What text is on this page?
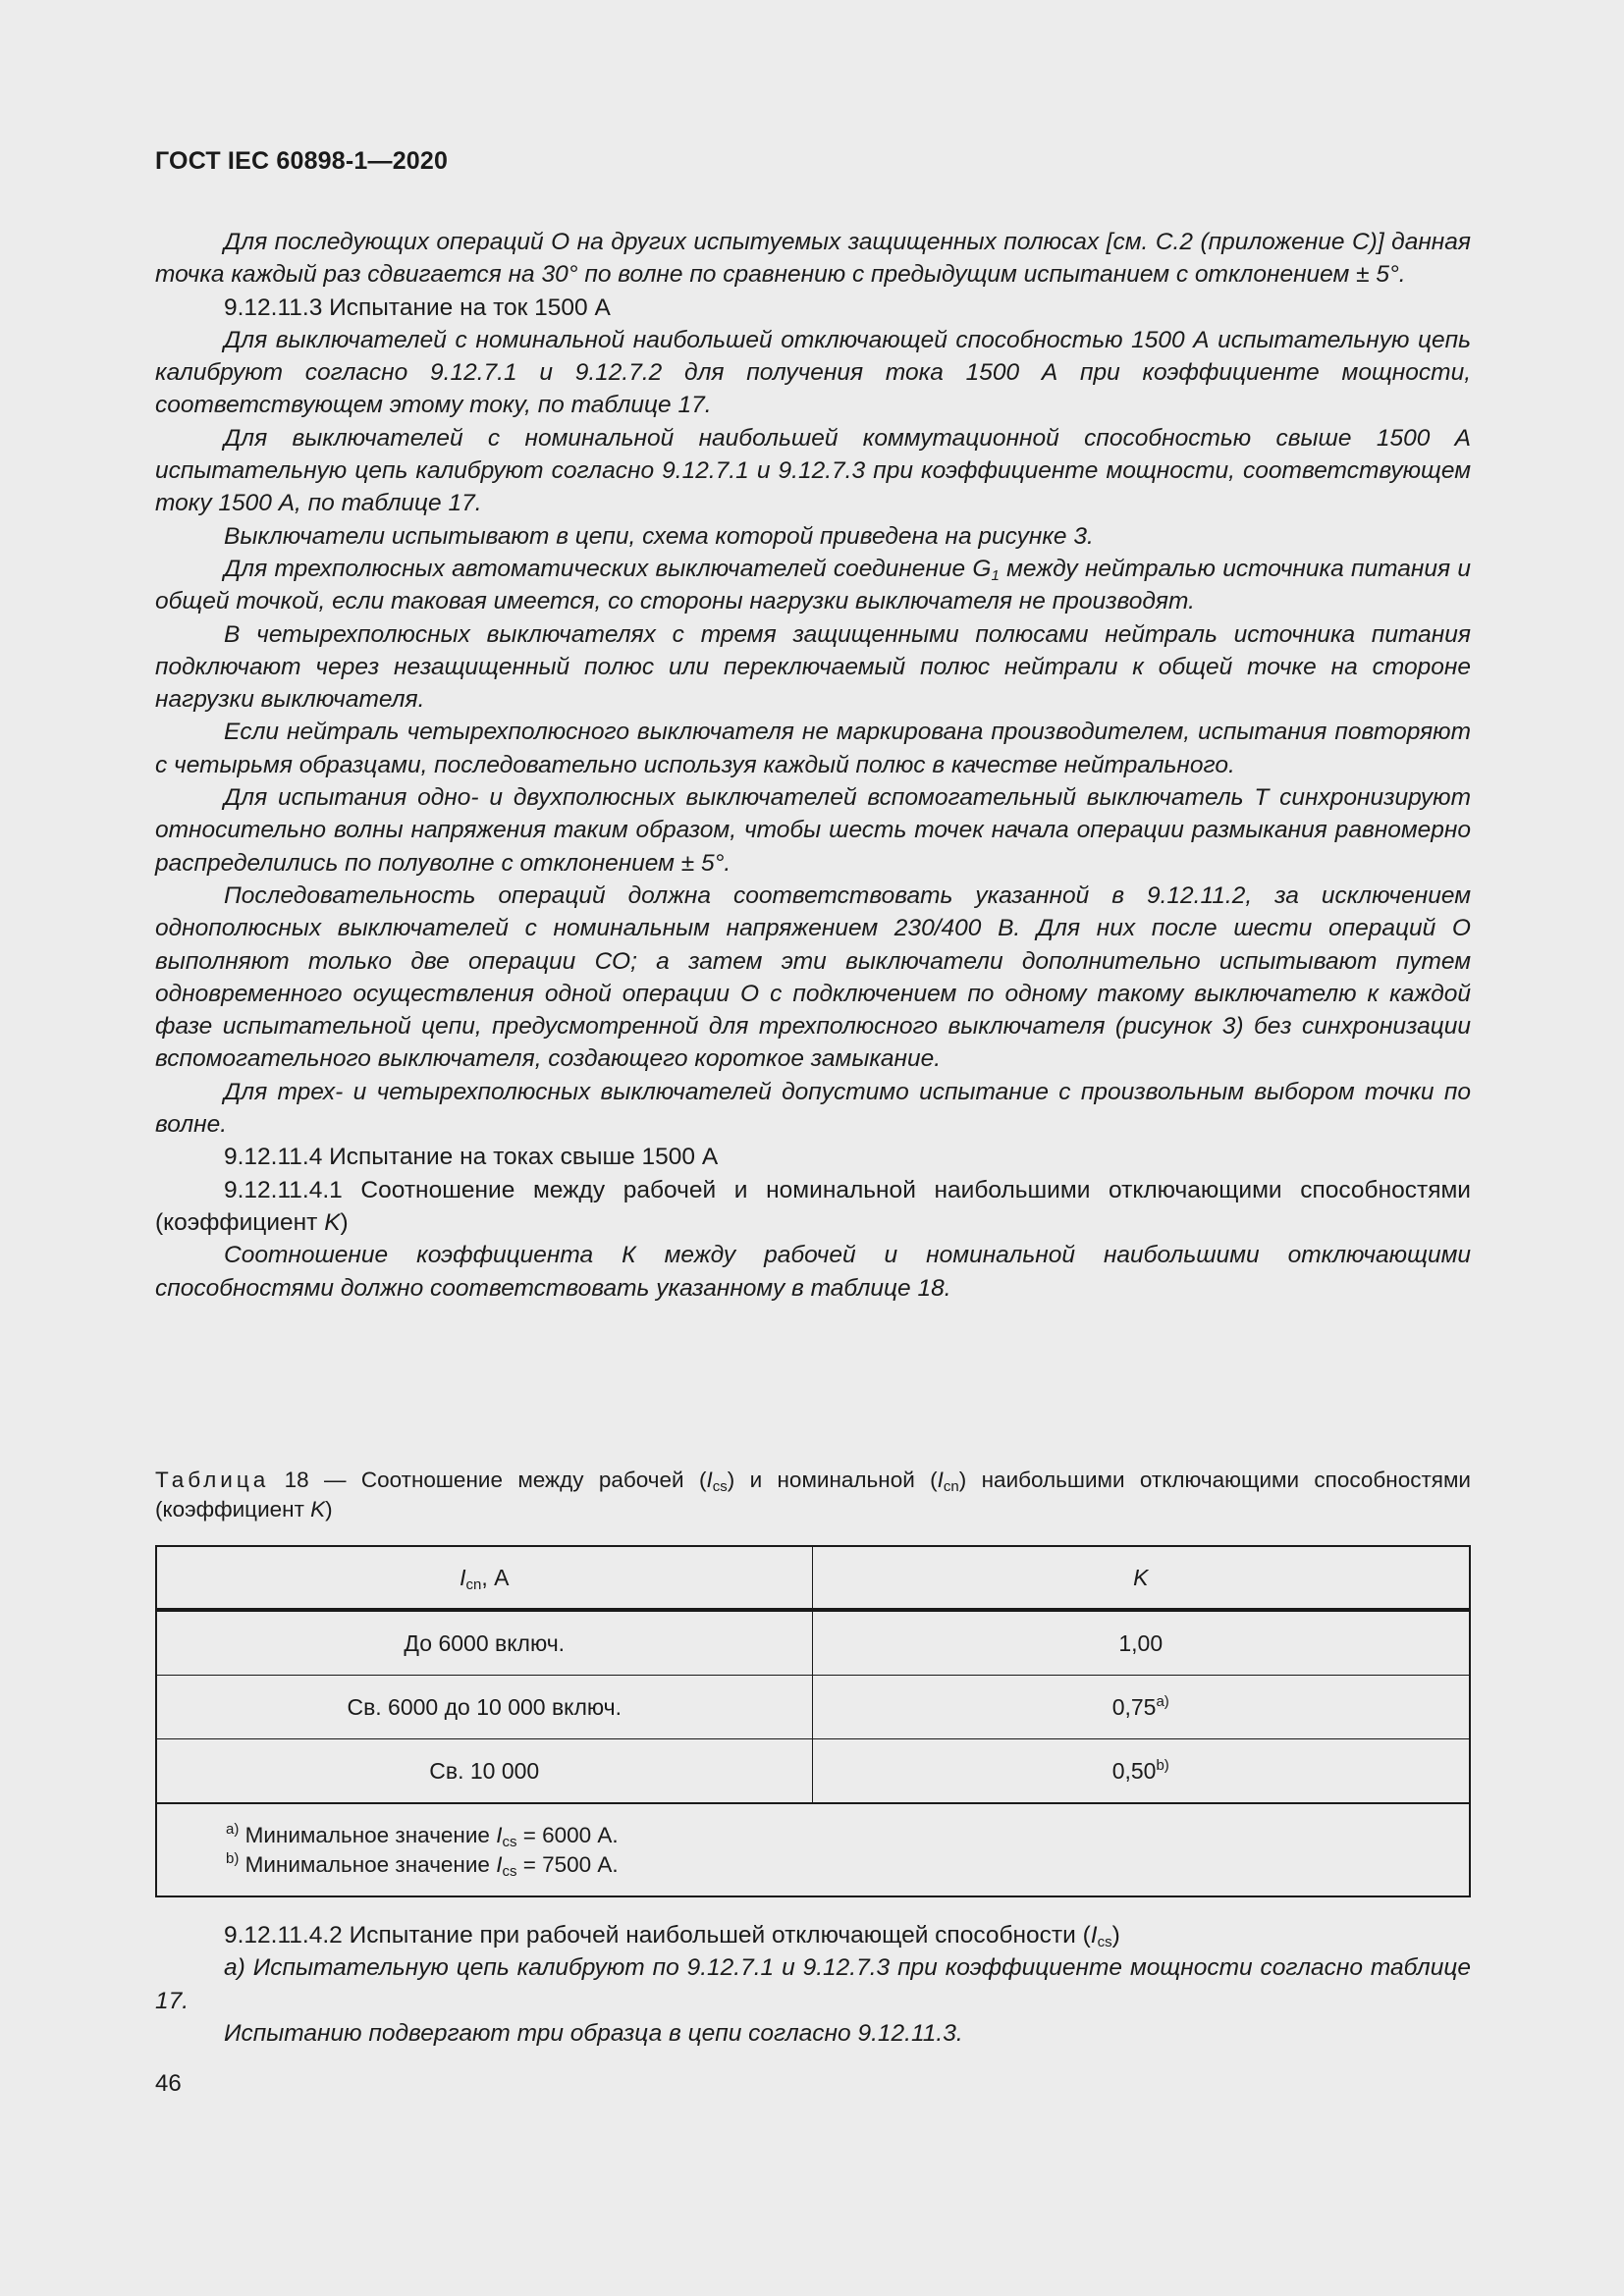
ГОСТ IEC 60898-1—2020

Для последующих операций О на других испытуемых защищенных полюсах [см. С.2 (приложение С)] данная точка каждый раз сдвигается на 30° по волне по сравнению с предыдущим испытанием с отклонением ± 5°.

9.12.11.3 Испытание на ток 1500 А

Для выключателей с номинальной наибольшей отключающей способностью 1500 А испытательную цепь калибруют согласно 9.12.7.1 и 9.12.7.2 для получения тока 1500 А при коэффициенте мощности, соответствующем этому току, по таблице 17.

Для выключателей с номинальной наибольшей коммутационной способностью свыше 1500 А испытательную цепь калибруют согласно 9.12.7.1 и 9.12.7.3 при коэффициенте мощности, соответствующем току 1500 А, по таблице 17.

Выключатели испытывают в цепи, схема которой приведена на рисунке 3.

Для трехполюсных автоматических выключателей соединение $G_1$ между нейтралью источника питания и общей точкой, если таковая имеется, со стороны нагрузки выключателя не производят.

В четырехполюсных выключателях с тремя защищенными полюсами нейтраль источника питания подключают через незащищенный полюс или переключаемый полюс нейтрали к общей точке на стороне нагрузки выключателя.

Если нейтраль четырехполюсного выключателя не маркирована производителем, испытания повторяют с четырьмя образцами, последовательно используя каждый полюс в качестве нейтрального.

Для испытания одно- и двухполюсных выключателей вспомогательный выключатель Т синхронизируют относительно волны напряжения таким образом, чтобы шесть точек начала операции размыкания равномерно распределились по полуволне с отклонением ± 5°.

Последовательность операций должна соответствовать указанной в 9.12.11.2, за исключением однополюсных выключателей с номинальным напряжением 230/400 В. Для них после шести операций О выполняют только две операции СО; а затем эти выключатели дополнительно испытывают путем одновременного осуществления одной операции О с подключением по одному такому выключателю к каждой фазе испытательной цепи, предусмотренной для трехполюсного выключателя (рисунок 3) без синхронизации вспомогательного выключателя, создающего короткое замыкание.

Для трех- и четырехполюсных выключателей допустимо испытание с произвольным выбором точки по волне.

9.12.11.4 Испытание на токах свыше 1500 А

9.12.11.4.1 Соотношение между рабочей и номинальной наибольшими отключающими способностями (коэффициент K)

Соотношение коэффициента К между рабочей и номинальной наибольшими отключающими способностями должно соответствовать указанному в таблице 18.

Таблица 18 — Соотношение между рабочей $(I_{cs})$ и номинальной $(I_{cn})$ наибольшими отключающими способностями (коэффициент K)
$I_{cn}$, А	K
До 6000 включ.	1,00
Св. 6000 до 10 000 включ.	0,75$^{a)}$
Св. 10 000	0,50$^{b)}$

$^{a)}$ Минимальное значение $I_{cs} = 6000$ А.
$^{b)}$ Минимальное значение $I_{cs} = 7500$ А.	

9.12.11.4.2 Испытание при рабочей наибольшей отключающей способности $(I_{cs})$

а) Испытательную цепь калибруют по 9.12.7.1 и 9.12.7.3 при коэффициенте мощности согласно таблице 17.

Испытанию подвергают три образца в цепи согласно 9.12.11.3.

46
